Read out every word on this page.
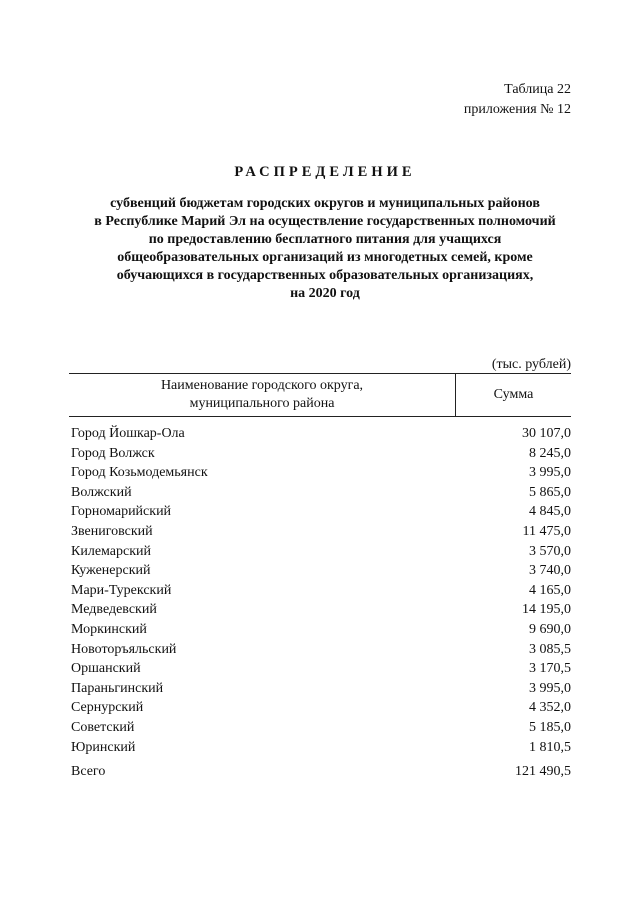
Таблица 22
приложения № 12
РАСПРЕДЕЛЕНИЕ
субвенций бюджетам городских округов и муниципальных районов
в Республике Марий Эл на осуществление государственных полномочий
по предоставлению бесплатного питания для учащихся
общеобразовательных организаций из многодетных семей, кроме
обучающихся в государственных образовательных организациях,
на 2020 год
(тыс. рублей)
Наименование городского округа,
муниципального района
Сумма
Город Йошкар-Ола	30 107,0
Город Волжск	8 245,0
Город Козьмодемьянск	3 995,0
Волжский	5 865,0
Горномарийский	4 845,0
Звениговский	11 475,0
Килемарский	3 570,0
Куженерский	3 740,0
Мари-Турекский	4 165,0
Медведевский	14 195,0
Моркинский	9 690,0
Новоторъяльский	3 085,5
Оршанский	3 170,5
Параньгинский	3 995,0
Сернурский	4 352,0
Советский	5 185,0
Юринский	1 810,5
Всего	121 490,5
